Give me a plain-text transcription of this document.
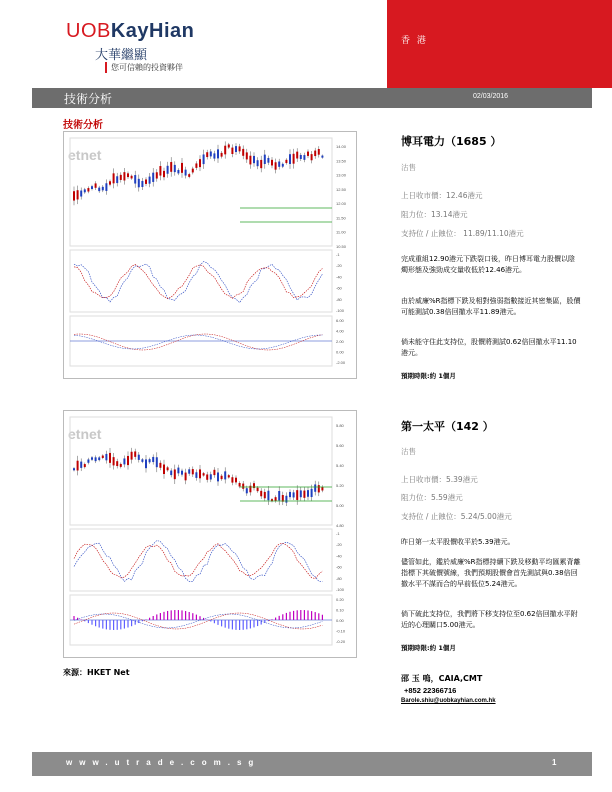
UOBKayHian
大華繼顯
您可信賴的投資夥伴
香 港
技術分析	02/03/2016
技術分析
etnet
14.00
13.50
13.00
12.50
12.00
11.50
11.00
10.50
-1
-20
-40
-60
-80
-100
6.00
4.00
2.00
0.00
-2.00
博耳電力（1685 ）
沽售
上日收市價：12.46港元
阻力位：13.14港元
支持位 / 止蝕位： 11.89/11.10港元
完成重組12.90港元下跌裂口後，昨日博耳電力股價以陰燭形態及強勁成交量收低於12.46港元。
由於威廉%R指標下跌及相對強弱指數接近其密集區，股價可能測試0.38倍回撤水平11.89港元。
倘未能守住此支持位，股價將測試0.62倍回撤水平11.10港元。
預期時限:約 1個月
etnet
5.80
5.60
5.40
5.20
5.00
4.80
-1
-20
-40
-60
-80
-100
0.20
0.10
0.00
-0.10
-0.20
第一太平（142 ）
沽售
上日收市價：5.39港元
阻力位：5.59港元
支持位 / 止蝕位：5.24/5.00港元
昨日第一太平股價收平於5.39港元。
儘管如此，鑑於威廉%R指標持續下跌及移動平均匯累背離指標下其破價號線，我們預期股價會首先測試與0.38倍回撤水平不謀而合的早前低位5.24港元。
倘下破此支持位，我們將下移支持位至0.62倍回撤水平附近的心理關口5.00港元。
預期時限:約 1個月
來源：HKET Net
邵 玉 嗚，CAIA,CMT
+852 22366716
Barole.shiu@uobkayhian.com.hk
www.utrade.com.sg	1
